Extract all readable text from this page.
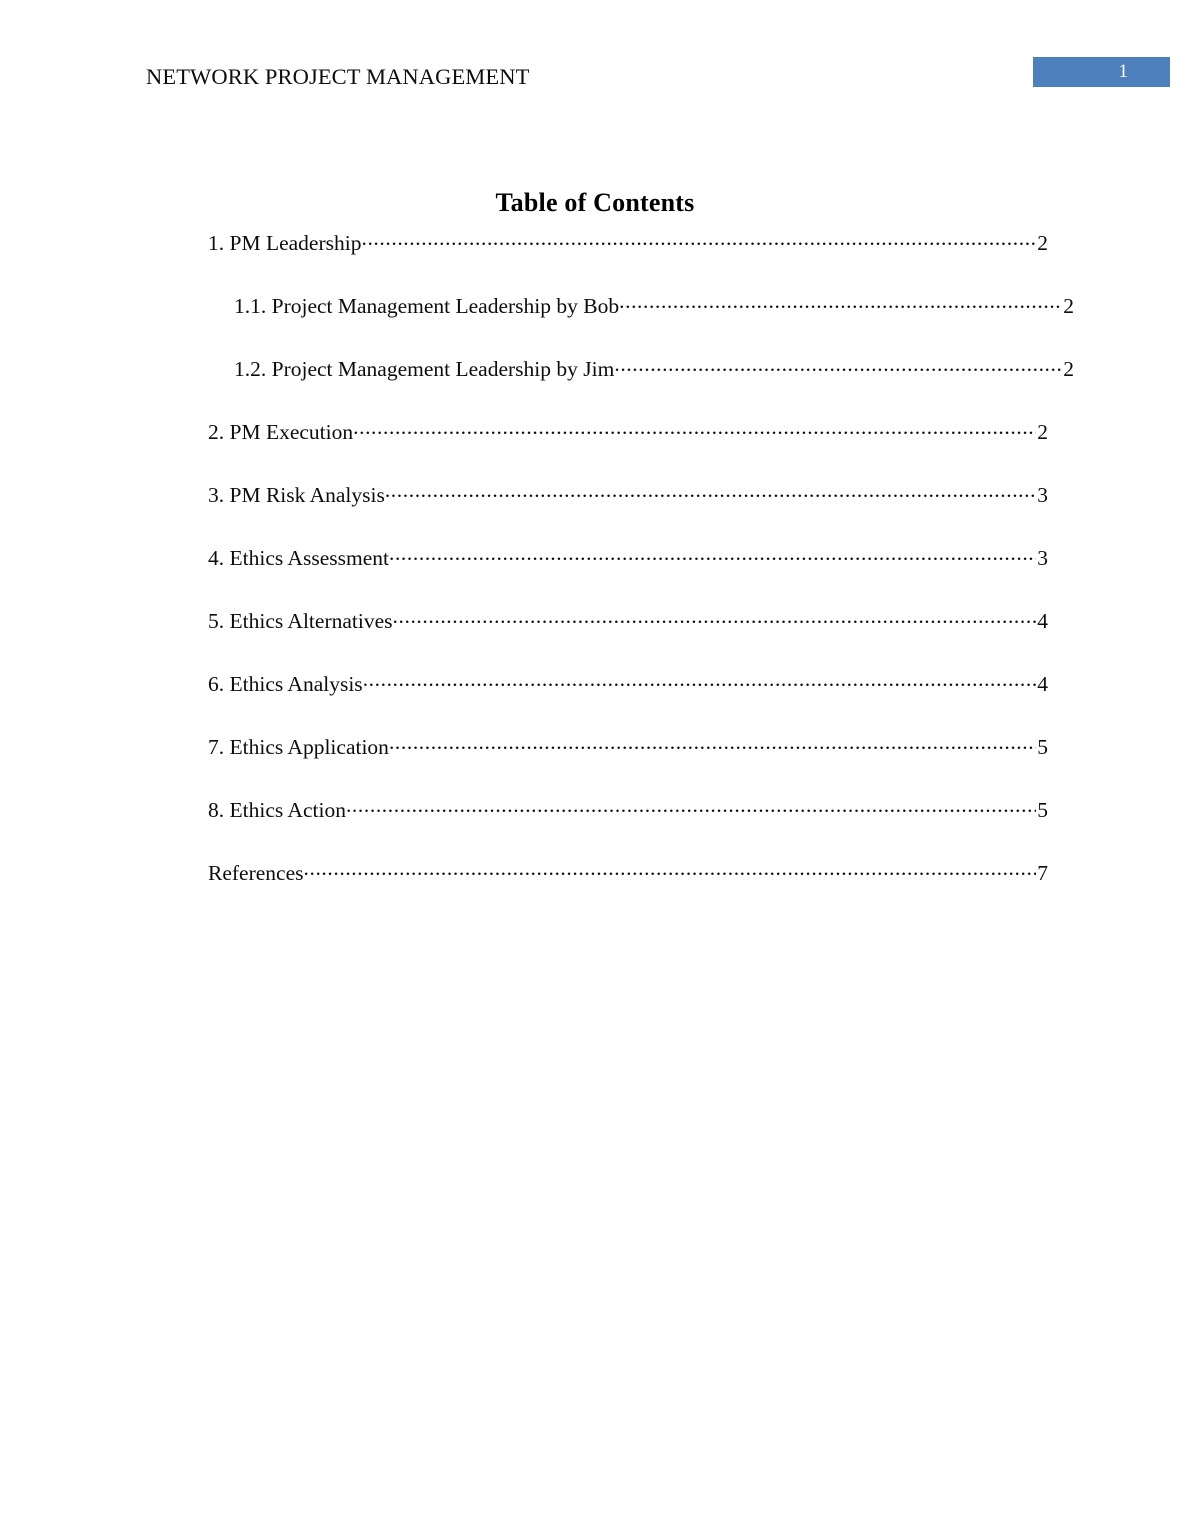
NETWORK PROJECT MANAGEMENT	1
Table of Contents
1. PM Leadership .....	2
1.1. Project Management Leadership by Bob .....	2
1.2. Project Management Leadership by Jim .....	2
2. PM Execution .....	2
3. PM Risk Analysis .....	3
4. Ethics Assessment .....	3
5. Ethics Alternatives .....	4
6. Ethics Analysis .....	4
7. Ethics Application .....	5
8. Ethics Action .....	5
References .....	7
